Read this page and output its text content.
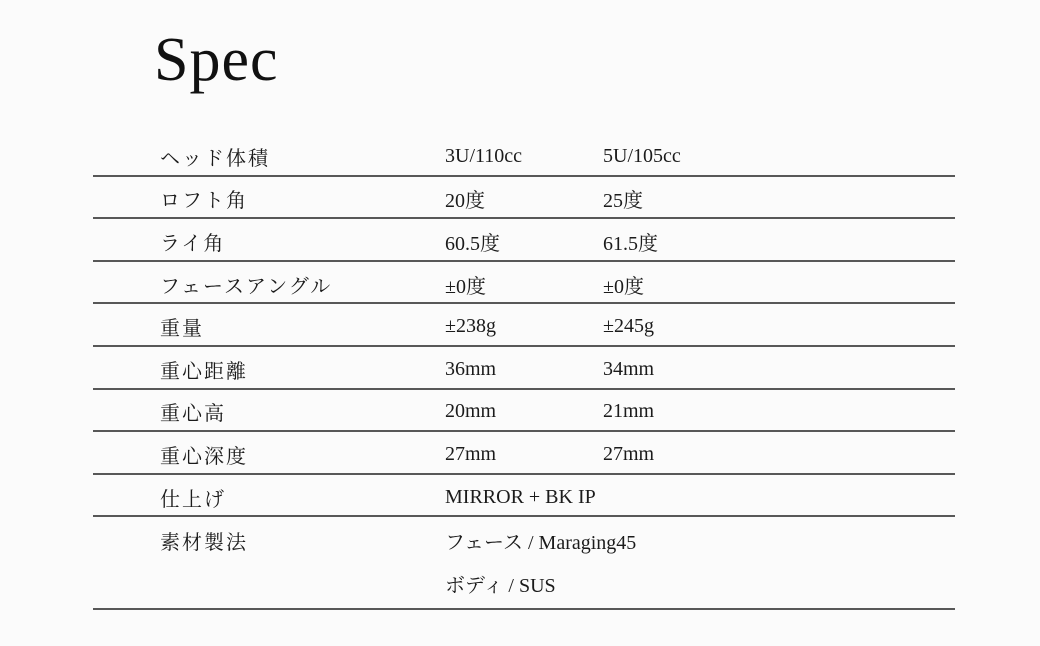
Spec
ヘッド体積	3U/110cc	5U/105cc
ロフト角	20度	25度
ライ角	60.5度	61.5度
フェースアングル	±0度	±0度
重量	±238g	±245g
重心距離	36mm	34mm
重心高	20mm	21mm
重心深度	27mm	27mm
仕上げ	MIRROR + BK IP
素材製法	フェース / Maraging45
ボディ / SUS
